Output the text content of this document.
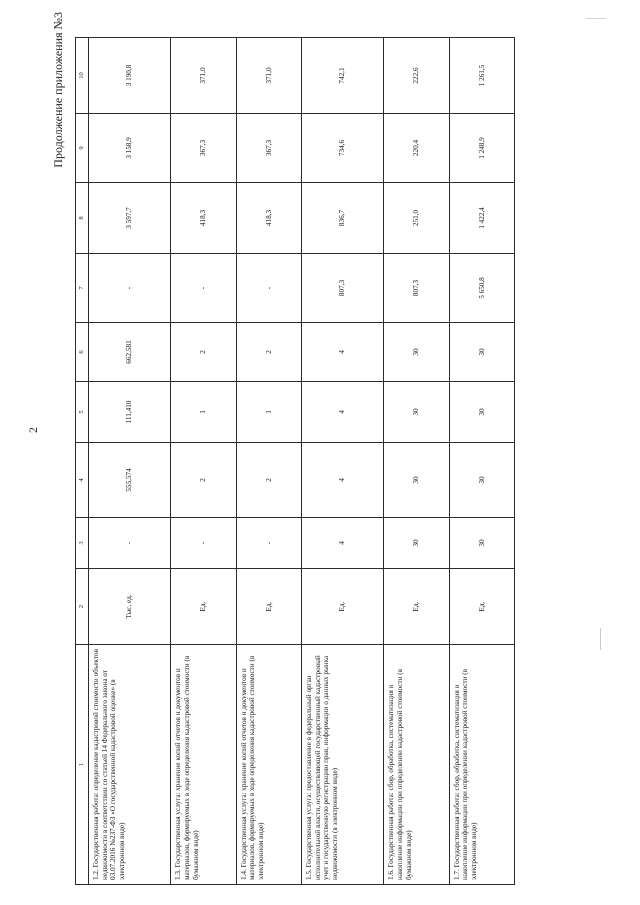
2
Продолжение приложения №3
1	2	3	4	5	6	7	8	9	10
1.2. Государственная работа: определение кадастровой стоимости объектов недвижимости в соответствии со статьей 14 Федерального закона от 03.07.2016 №237-ФЗ «О государственной кадастровой оценке» (в электронном виде)	Тыс. ед.	-	555,574	111,410	662,581	-	3 597,7	3 158,9	3 190,8
1.3. Государственная услуга: хранение копий отчетов и документов и материалов, формируемых в ходе определения кадастровой стоимости (в бумажном виде)	Ед.	-	2	1	2	-	418,3	367,3	371,0
1.4. Государственная услуга: хранение копий отчетов и документов и материалов, формируемых в ходе определения кадастровой стоимости (в электронном виде)	Ед.	-	2	1	2	-	418,3	367,3	371,0
1.5. Государственная услуга: предоставление в федеральный орган исполнительной власти, осуществляющей государственный кадастровый учет и государственную регистрацию прав, информации о данных рынка недвижимости (в электронном виде)	Ед.	4	4	4	4	807,3	836,7	734,6	742,1
1.6. Государственная работа: сбор, обработка, систематизация и накопление информации при определении кадастровой стоимости (в бумажном виде)	Ед.	30	30	30	30	807,3	251,0	220,4	222,6
1.7. Государственная работа: сбор, обработка, систематизация и накопление информации при определении кадастровой стоимости (в электронном виде)	Ед.	30	30	30	30	5 650,8	1 422,4	1 248,9	1 261,5
